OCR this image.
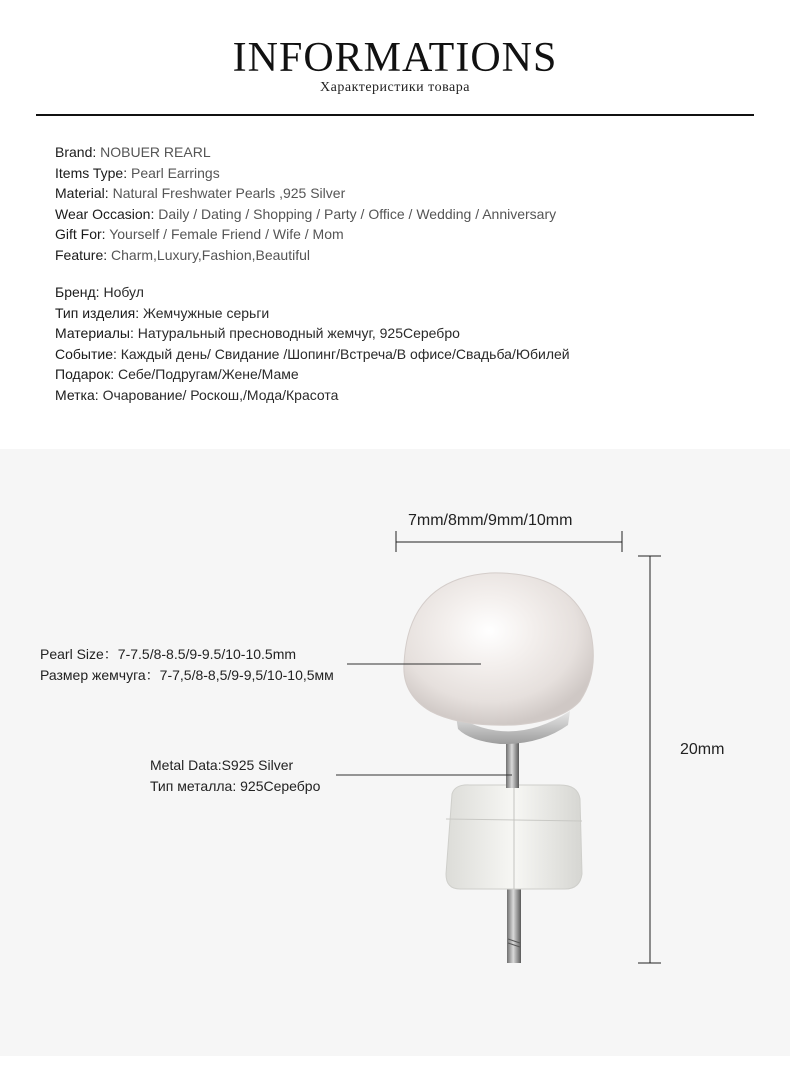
INFORMATIONS
Характеристики товара
Brand: NOBUER REARL
Items Type: Pearl Earrings
Material: Natural Freshwater Pearls ,925 Silver
Wear Occasion: Daily / Dating / Shopping / Party / Office / Wedding / Anniversary
Gift For: Yourself / Female Friend / Wife / Mom
Feature: Charm,Luxury,Fashion,Beautiful
Бренд: Нобул
Тип изделия: Жемчужные серьги
Материалы: Натуральный пресноводный жемчуг, 925Серебро
Событие: Каждый день/ Свидание /Шопинг/Встреча/В офисе/Свадьба/Юбилей
Подарок: Себе/Подругам/Жене/Маме
Метка: Очарование/ Роскош,/Мода/Красота
7mm/8mm/9mm/10mm
20mm
Pearl Size：7-7.5/8-8.5/9-9.5/10-10.5mm
Размер жемчуга：7-7,5/8-8,5/9-9,5/10-10,5мм
Metal Data:S925 Silver
Тип металла: 925Серебро
